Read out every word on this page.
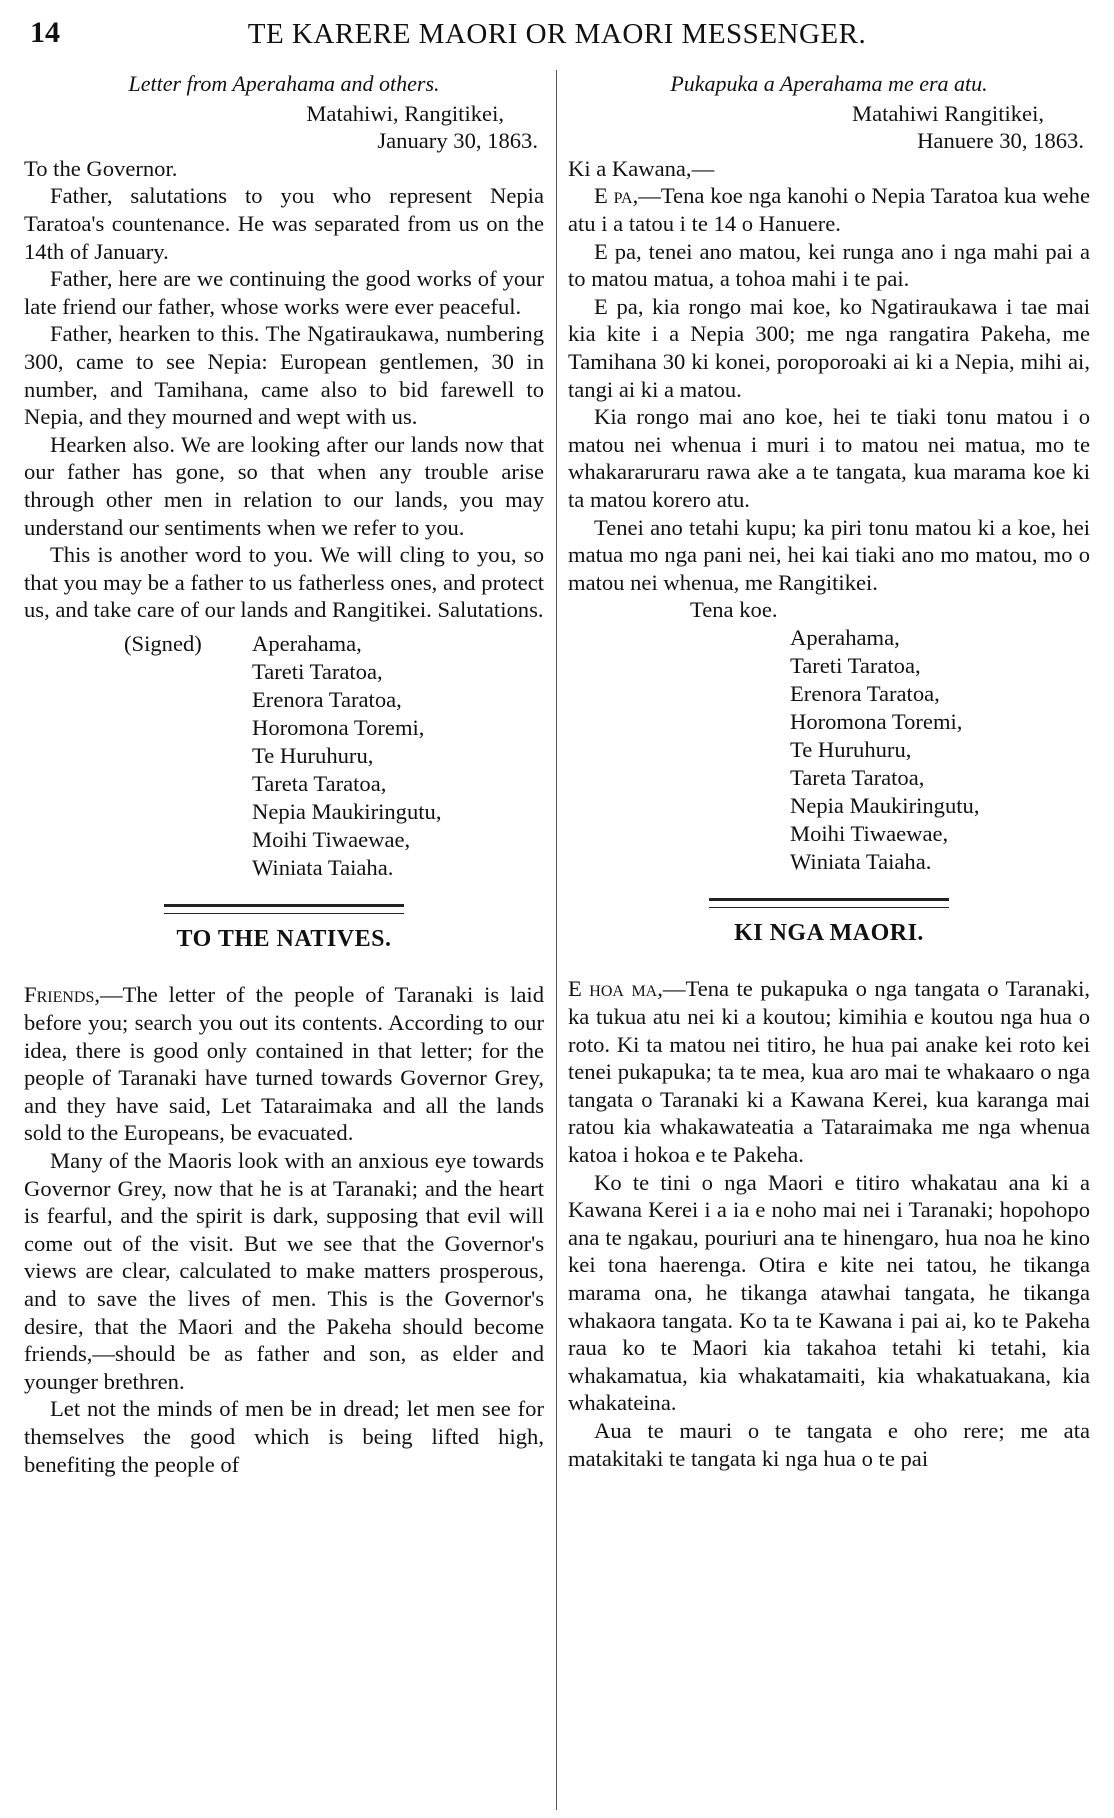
14	TE KARERE MAORI OR MAORI MESSENGER.

Letter from Aperahama and others.

Matahiwi, Rangitikei,

January 30, 1863.

To the Governor.

Father, salutations to you who represent Nepia Taratoa's countenance. He was separated from us on the 14th of January.

Father, here are we continuing the good works of your late friend our father, whose works were ever peaceful.

Father, hearken to this. The Ngatiraukawa, numbering 300, came to see Nepia: European gentlemen, 30 in number, and Tamihana, came also to bid farewell to Nepia, and they mourned and wept with us.

Hearken also. We are looking after our lands now that our father has gone, so that when any trouble arise through other men in relation to our lands, you may understand our sentiments when we refer to you.

This is another word to you. We will cling to you, so that you may be a father to us fatherless ones, and protect us, and take care of our lands and Rangitikei. Salutations.

(Signed) Aperahama,
Tareti Taratoa,
Erenora Taratoa,
Horomona Toremi,
Te Huruhuru,
Tareta Taratoa,
Nepia Maukiringutu,
Moihi Tiwaewae,
Winiata Taiaha.
TO THE NATIVES.

Friends,—The letter of the people of Taranaki is laid before you; search you out its contents. According to our idea, there is good only contained in that letter; for the people of Taranaki have turned towards Governor Grey, and they have said, Let Tataraimaka and all the lands sold to the Europeans, be evacuated.

Many of the Maoris look with an anxious eye towards Governor Grey, now that he is at Taranaki; and the heart is fearful, and the spirit is dark, supposing that evil will come out of the visit. But we see that the Governor's views are clear, calculated to make matters prosperous, and to save the lives of men. This is the Governor's desire, that the Maori and the Pakeha should become friends,—should be as father and son, as elder and younger brethren.

Let not the minds of men be in dread; let men see for themselves the good which is being lifted high, benefiting the people of

Pukapuka a Aperahama me era atu.

Matahiwi Rangitikei,

Hanuere 30, 1863.

Ki a Kawana,—

E pa,—Tena koe nga kanohi o Nepia Taratoa kua wehe atu i a tatou i te 14 o Hanuere.

E pa, tenei ano matou, kei runga ano i nga mahi pai a to matou matua, a tohoa mahi i te pai.

E pa, kia rongo mai koe, ko Ngatiraukawa i tae mai kia kite i a Nepia 300; me nga rangatira Pakeha, me Tamihana 30 ki konei, poroporoaki ai ki a Nepia, mihi ai, tangi ai ki a matou.

Kia rongo mai ano koe, hei te tiaki tonu matou i o matou nei whenua i muri i to matou nei matua, mo te whakararuraru rawa ake a te tangata, kua marama koe ki ta matou korero atu.

Tenei ano tetahi kupu; ka piri tonu matou ki a koe, hei matua mo nga pani nei, hei kai tiaki ano mo matou, mo o matou nei whenua, me Rangitikei.

Tena koe.

Aperahama,
Tareti Taratoa,
Erenora Taratoa,
Horomona Toremi,
Te Huruhuru,
Tareta Taratoa,
Nepia Maukiringutu,
Moihi Tiwaewae,
Winiata Taiaha.
KI NGA MAORI.

E hoa ma,—Tena te pukapuka o nga tangata o Taranaki, ka tukua atu nei ki a koutou; kimihia e koutou nga hua o roto. Ki ta matou nei titiro, he hua pai anake kei roto kei tenei pukapuka; ta te mea, kua aro mai te whakaaro o nga tangata o Taranaki ki a Kawana Kerei, kua karanga mai ratou kia whakawateatia a Tataraimaka me nga whenua katoa i hokoa e te Pakeha.

Ko te tini o nga Maori e titiro whakatau ana ki a Kawana Kerei i a ia e noho mai nei i Taranaki; hopohopo ana te ngakau, pouriuri ana te hinengaro, hua noa he kino kei tona haerenga. Otira e kite nei tatou, he tikanga marama ona, he tikanga atawhai tangata, he tikanga whakaora tangata. Ko ta te Kawana i pai ai, ko te Pakeha raua ko te Maori kia takahoa tetahi ki tetahi, kia whakamatua, kia whakatamaiti, kia whakatuakana, kia whakateina.

Aua te mauri o te tangata e oho rere; me ata matakitaki te tangata ki nga hua o te pai
